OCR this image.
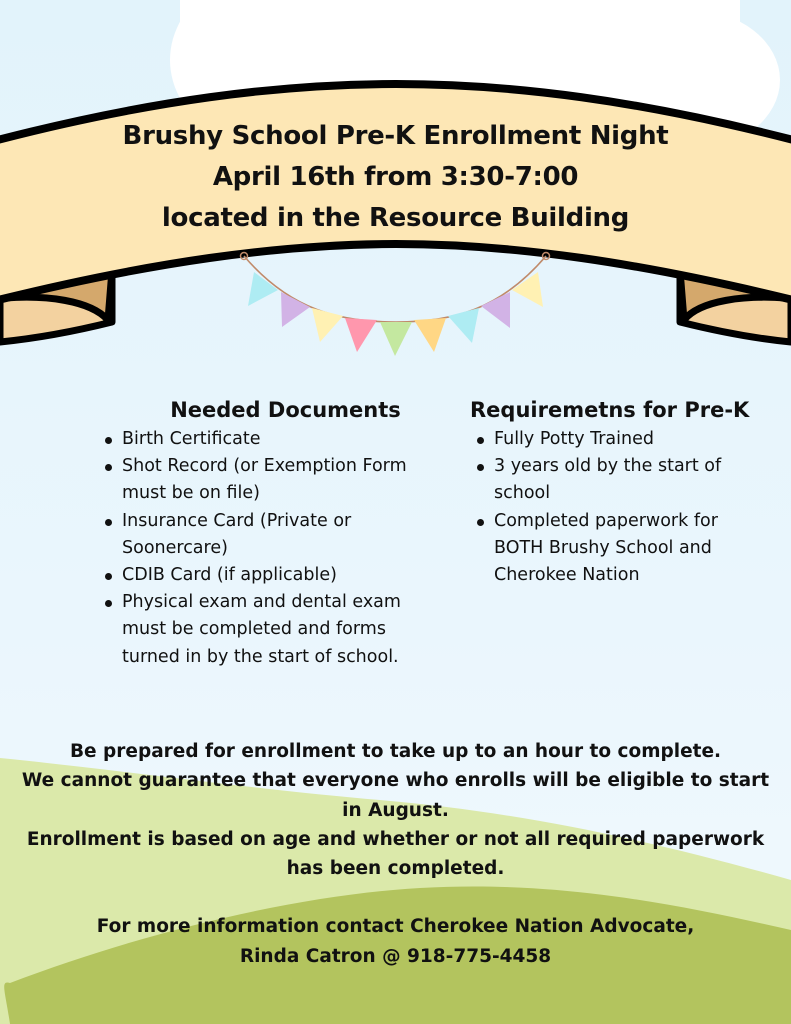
Brushy School Pre-K Enrollment Night
April 16th from 3:30-7:00
located in the Resource Building
Needed Documents
Birth Certificate
Shot Record (or Exemption Form
must be on file)
Insurance Card (Private or
Soonercare)
CDIB Card (if applicable)
Physical exam and dental exam
must be completed and forms
turned in by the start of school.
Requiremetns for Pre-K
Fully Potty Trained
3 years old by the start of
school
Completed paperwork for
BOTH Brushy School and
Cherokee Nation

Be prepared for enrollment to take up to an hour to complete.

We cannot guarantee that everyone who enrolls will be eligible to start

in August.

Enrollment is based on age and whether or not all required paperwork

has been completed.

For more information contact Cherokee Nation Advocate,

Rinda Catron @ 918-775-4458
